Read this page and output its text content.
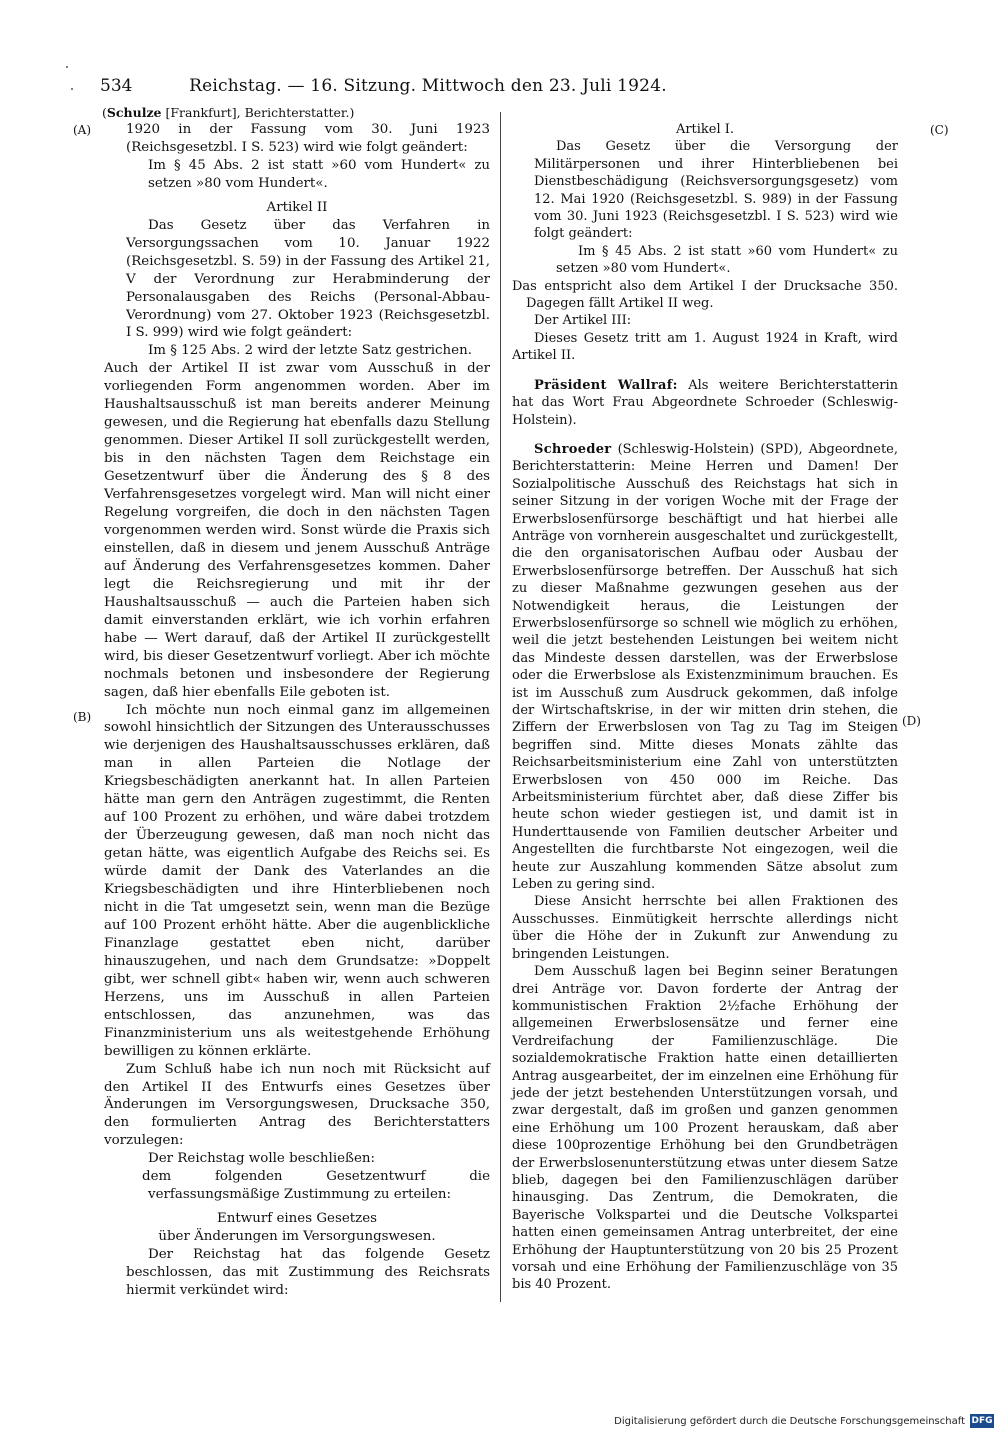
534	Reichstag. — 16. Sitzung. Mittwoch den 23. Juli 1924.
(Schulze [Frankfurt], Berichterstatter.)
(A)
(B)
(C)
(D)

1920 in der Fassung vom 30. Juni 1923 (Reichsgesetzbl. I S. 523) wird wie folgt geändert:

Im § 45 Abs. 2 ist statt »60 vom Hundert« zu setzen »80 vom Hundert«.

Artikel II

Das Gesetz über das Verfahren in Versorgungssachen vom 10. Januar 1922 (Reichsgesetzbl. S. 59) in der Fassung des Artikel 21, V der Verordnung zur Herabminderung der Personalausgaben des Reichs (Personal-Abbau-Verordnung) vom 27. Oktober 1923 (Reichsgesetzbl. I S. 999) wird wie folgt geändert:

Im § 125 Abs. 2 wird der letzte Satz gestrichen.

Auch der Artikel II ist zwar vom Ausschuß in der vorliegenden Form angenommen worden. Aber im Haushaltsausschuß ist man bereits anderer Meinung gewesen, und die Regierung hat ebenfalls dazu Stellung genommen. Dieser Artikel II soll zurückgestellt werden, bis in den nächsten Tagen dem Reichstage ein Gesetzentwurf über die Änderung des § 8 des Verfahrensgesetzes vorgelegt wird. Man will nicht einer Regelung vorgreifen, die doch in den nächsten Tagen vorgenommen werden wird. Sonst würde die Praxis sich einstellen, daß in diesem und jenem Ausschuß Anträge auf Änderung des Verfahrensgesetzes kommen. Daher legt die Reichsregierung und mit ihr der Haushaltsausschuß — auch die Parteien haben sich damit einverstanden erklärt, wie ich vorhin erfahren habe — Wert darauf, daß der Artikel II zurückgestellt wird, bis dieser Gesetzentwurf vorliegt. Aber ich möchte nochmals betonen und insbesondere der Regierung sagen, daß hier ebenfalls Eile geboten ist.

Ich möchte nun noch einmal ganz im allgemeinen sowohl hinsichtlich der Sitzungen des Unterausschusses wie derjenigen des Haushaltsausschusses erklären, daß man in allen Parteien die Notlage der Kriegsbeschädigten anerkannt hat. In allen Parteien hätte man gern den Anträgen zugestimmt, die Renten auf 100 Prozent zu erhöhen, und wäre dabei trotzdem der Überzeugung gewesen, daß man noch nicht das getan hätte, was eigentlich Aufgabe des Reichs sei. Es würde damit der Dank des Vaterlandes an die Kriegsbeschädigten und ihre Hinterbliebenen noch nicht in die Tat umgesetzt sein, wenn man die Bezüge auf 100 Prozent erhöht hätte. Aber die augenblickliche Finanzlage gestattet eben nicht, darüber hinauszugehen, und nach dem Grundsatze: »Doppelt gibt, wer schnell gibt« haben wir, wenn auch schweren Herzens, uns im Ausschuß in allen Parteien entschlossen, das anzunehmen, was das Finanzministerium uns als weitestgehende Erhöhung bewilligen zu können erklärte.

Zum Schluß habe ich nun noch mit Rücksicht auf den Artikel II des Entwurfs eines Gesetzes über Änderungen im Versorgungswesen, Drucksache 350, den formulierten Antrag des Berichterstatters vorzulegen:

Der Reichstag wolle beschließen:

dem folgenden Gesetzentwurf die verfassungsmäßige Zustimmung zu erteilen:

Entwurf eines Gesetzes

über Änderungen im Versorgungswesen.

Der Reichstag hat das folgende Gesetz beschlossen, das mit Zustimmung des Reichsrats hiermit verkündet wird:

Artikel I.

Das Gesetz über die Versorgung der Militärpersonen und ihrer Hinterbliebenen bei Dienstbeschädigung (Reichsversorgungsgesetz) vom 12. Mai 1920 (Reichsgesetzbl. S. 989) in der Fassung vom 30. Juni 1923 (Reichsgesetzbl. I S. 523) wird wie folgt geändert:

Im § 45 Abs. 2 ist statt »60 vom Hundert« zu setzen »80 vom Hundert«.

Das entspricht also dem Artikel I der Drucksache 350. Dagegen fällt Artikel II weg.

Der Artikel III:

Dieses Gesetz tritt am 1. August 1924 in Kraft, wird Artikel II.

Präsident Wallraf: Als weitere Berichterstatterin hat das Wort Frau Abgeordnete Schroeder (Schleswig-Holstein).

Schroeder (Schleswig-Holstein) (SPD), Abgeordnete, Berichterstatterin: Meine Herren und Damen! Der Sozialpolitische Ausschuß des Reichstags hat sich in seiner Sitzung in der vorigen Woche mit der Frage der Erwerbslosenfürsorge beschäftigt und hat hierbei alle Anträge von vornherein ausgeschaltet und zurückgestellt, die den organisatorischen Aufbau oder Ausbau der Erwerbslosenfürsorge betreffen. Der Ausschuß hat sich zu dieser Maßnahme gezwungen gesehen aus der Notwendigkeit heraus, die Leistungen der Erwerbslosenfürsorge so schnell wie möglich zu erhöhen, weil die jetzt bestehenden Leistungen bei weitem nicht das Mindeste dessen darstellen, was der Erwerbslose oder die Erwerbslose als Existenzminimum brauchen. Es ist im Ausschuß zum Ausdruck gekommen, daß infolge der Wirtschaftskrise, in der wir mitten drin stehen, die Ziffern der Erwerbslosen von Tag zu Tag im Steigen begriffen sind. Mitte dieses Monats zählte das Reichsarbeitsministerium eine Zahl von unterstützten Erwerbslosen von 450 000 im Reiche. Das Arbeitsministerium fürchtet aber, daß diese Ziffer bis heute schon wieder gestiegen ist, und damit ist in Hunderttausende von Familien deutscher Arbeiter und Angestellten die furchtbarste Not eingezogen, weil die heute zur Auszahlung kommenden Sätze absolut zum Leben zu gering sind.

Diese Ansicht herrschte bei allen Fraktionen des Ausschusses. Einmütigkeit herrschte allerdings nicht über die Höhe der in Zukunft zur Anwendung zu bringenden Leistungen.

Dem Ausschuß lagen bei Beginn seiner Beratungen drei Anträge vor. Davon forderte der Antrag der kommunistischen Fraktion 2½fache Erhöhung der allgemeinen Erwerbslosensätze und ferner eine Verdreifachung der Familienzuschläge. Die sozialdemokratische Fraktion hatte einen detaillierten Antrag ausgearbeitet, der im einzelnen eine Erhöhung für jede der jetzt bestehenden Unterstützungen vorsah, und zwar dergestalt, daß im großen und ganzen genommen eine Erhöhung um 100 Prozent herauskam, daß aber diese 100prozentige Erhöhung bei den Grundbeträgen der Erwerbslosenunterstützung etwas unter diesem Satze blieb, dagegen bei den Familienzuschlägen darüber hinausging. Das Zentrum, die Demokraten, die Bayerische Volkspartei und die Deutsche Volkspartei hatten einen gemeinsamen Antrag unterbreitet, der eine Erhöhung der Hauptunterstützung von 20 bis 25 Prozent vorsah und eine Erhöhung der Familienzuschläge von 35 bis 40 Prozent.

Digitalisierung gefördert durch die Deutsche Forschungsgemeinschaft DFG
